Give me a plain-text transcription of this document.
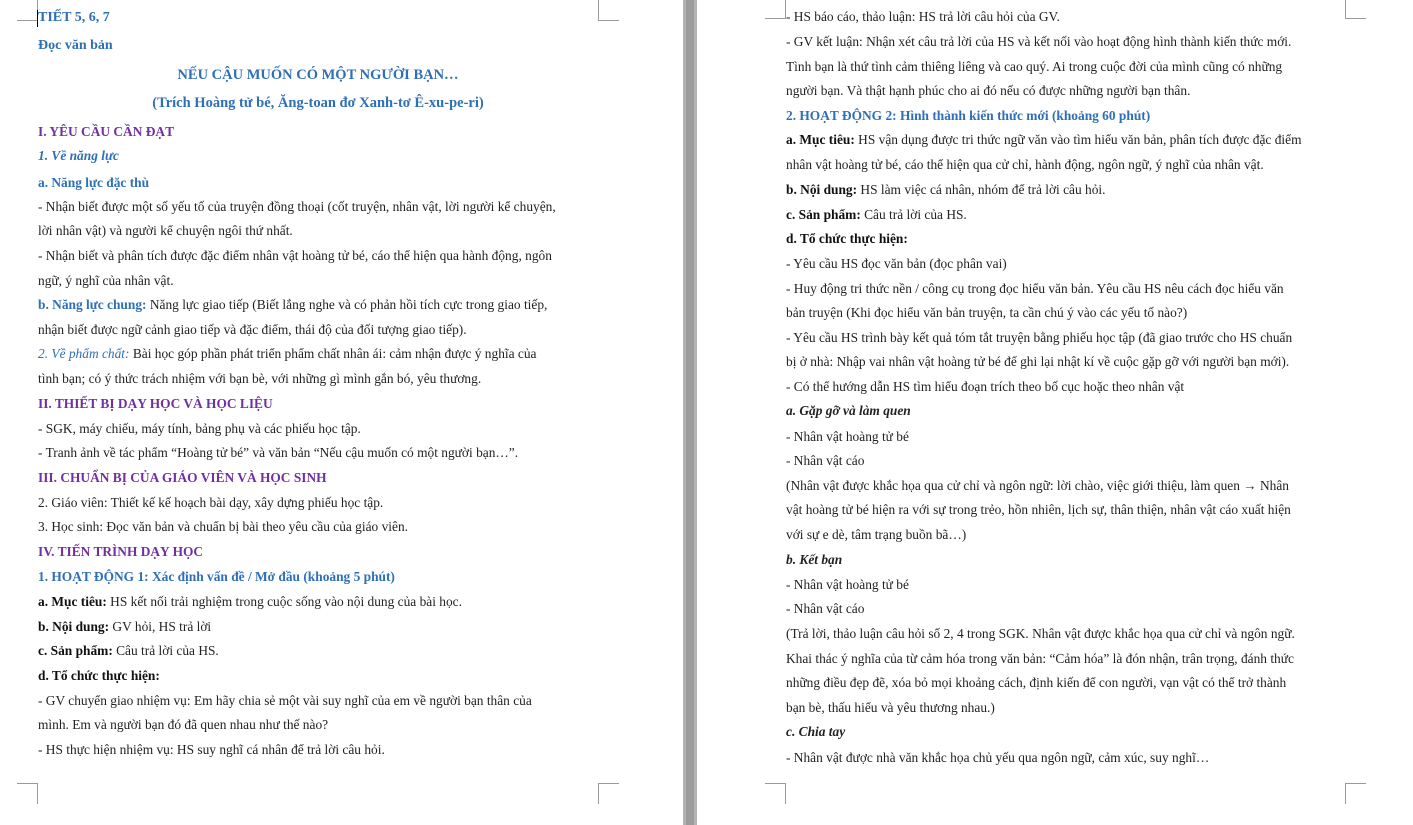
TIẾT 5, 6, 7

Đọc văn bản

NẾU CẬU MUỐN CÓ MỘT NGƯỜI BẠN…

(Trích Hoàng tử bé, Ăng-toan đơ Xanh-tơ Ê-xu-pe-ri)

I. YÊU CẦU CẦN ĐẠT

1. Về năng lực

a. Năng lực đặc thù

- Nhận biết được một số yếu tố của truyện đồng thoại (cốt truyện, nhân vật, lời người kể chuyện,

lời nhân vật) và người kể chuyện ngôi thứ nhất.

- Nhận biết và phân tích được đặc điểm nhân vật hoàng tử bé, cáo thể hiện qua hành động, ngôn

ngữ, ý nghĩ của nhân vật.

b. Năng lực chung: Năng lực giao tiếp (Biết lắng nghe và có phản hồi tích cực trong giao tiếp,

nhận biết được ngữ cảnh giao tiếp và đặc điểm, thái độ của đối tượng giao tiếp).

2. Về phẩm chất: Bài học góp phần phát triển phẩm chất nhân ái: cảm nhận được ý nghĩa của

tình bạn; có ý thức trách nhiệm với bạn bè, với những gì mình gắn bó, yêu thương.

II. THIẾT BỊ DẠY HỌC VÀ HỌC LIỆU

- SGK, máy chiếu, máy tính, bảng phụ và các phiếu học tập.

- Tranh ảnh về tác phẩm “Hoàng tử bé” và văn bản “Nếu cậu muốn có một người bạn…”.

III. CHUẨN BỊ CỦA GIÁO VIÊN VÀ HỌC SINH

2. Giáo viên: Thiết kế kế hoạch bài dạy, xây dựng phiếu học tập.

3. Học sinh: Đọc văn bản và chuẩn bị bài theo yêu cầu của giáo viên.

IV. TIẾN TRÌNH DẠY HỌC

1. HOẠT ĐỘNG 1: Xác định vấn đề / Mở đầu (khoảng 5 phút)

a. Mục tiêu: HS kết nối trải nghiệm trong cuộc sống vào nội dung của bài học.

b. Nội dung: GV hỏi, HS trả lời

c. Sản phẩm: Câu trả lời của HS.

d. Tổ chức thực hiện:

- GV chuyển giao nhiệm vụ: Em hãy chia sẻ một vài suy nghĩ của em về người bạn thân của

mình. Em và người bạn đó đã quen nhau như thế nào?

- HS thực hiện nhiệm vụ: HS suy nghĩ cá nhân để trả lời câu hỏi.

- HS báo cáo, thảo luận: HS trả lời câu hỏi của GV.

- GV kết luận: Nhận xét câu trả lời của HS và kết nối vào hoạt động hình thành kiến thức mới.

Tình bạn là thứ tình cảm thiêng liêng và cao quý. Ai trong cuộc đời của mình cũng có những

người bạn. Và thật hạnh phúc cho ai đó nếu có được những người bạn thân.

2. HOẠT ĐỘNG 2: Hình thành kiến thức mới (khoảng 60 phút)

a. Mục tiêu: HS vận dụng được tri thức ngữ văn vào tìm hiểu văn bản, phân tích được đặc điểm

nhân vật hoàng tử bé, cáo thể hiện qua cử chỉ, hành động, ngôn ngữ, ý nghĩ của nhân vật.

b. Nội dung: HS làm việc cá nhân, nhóm để trả lời câu hỏi.

c. Sản phẩm: Câu trả lời của HS.

d. Tổ chức thực hiện:

- Yêu cầu HS đọc văn bản (đọc phân vai)

- Huy động tri thức nền / công cụ trong đọc hiểu văn bản. Yêu cầu HS nêu cách đọc hiểu văn

bản truyện (Khi đọc hiểu văn bản truyện, ta cần chú ý vào các yếu tố nào?)

- Yêu cầu HS trình bày kết quả tóm tắt truyện bằng phiếu học tập (đã giao trước cho HS chuẩn

bị ở nhà: Nhập vai nhân vật hoàng tử bé để ghi lại nhật kí về cuộc gặp gỡ với người bạn mới).

- Có thể hướng dẫn HS tìm hiểu đoạn trích theo bố cục hoặc theo nhân vật

a. Gặp gỡ và làm quen

- Nhân vật hoàng tử bé

- Nhân vật cáo

(Nhân vật được khắc họa qua cử chỉ và ngôn ngữ: lời chào, việc giới thiệu, làm quen → Nhân

vật hoàng tử bé hiện ra với sự trong trẻo, hồn nhiên, lịch sự, thân thiện, nhân vật cáo xuất hiện

với sự e dè, tâm trạng buồn bã…)

b. Kết bạn

- Nhân vật hoàng tử bé

- Nhân vật cáo

(Trả lời, thảo luận câu hỏi số 2, 4 trong SGK. Nhân vật được khắc họa qua cử chỉ và ngôn ngữ.

Khai thác ý nghĩa của từ cảm hóa trong văn bản: “Cảm hóa” là đón nhận, trân trọng, đánh thức

những điều đẹp đẽ, xóa bỏ mọi khoảng cách, định kiến để con người, vạn vật có thể trở thành

bạn bè, thấu hiểu và yêu thương nhau.)

c. Chia tay

- Nhân vật được nhà văn khắc họa chủ yếu qua ngôn ngữ, cảm xúc, suy nghĩ…
